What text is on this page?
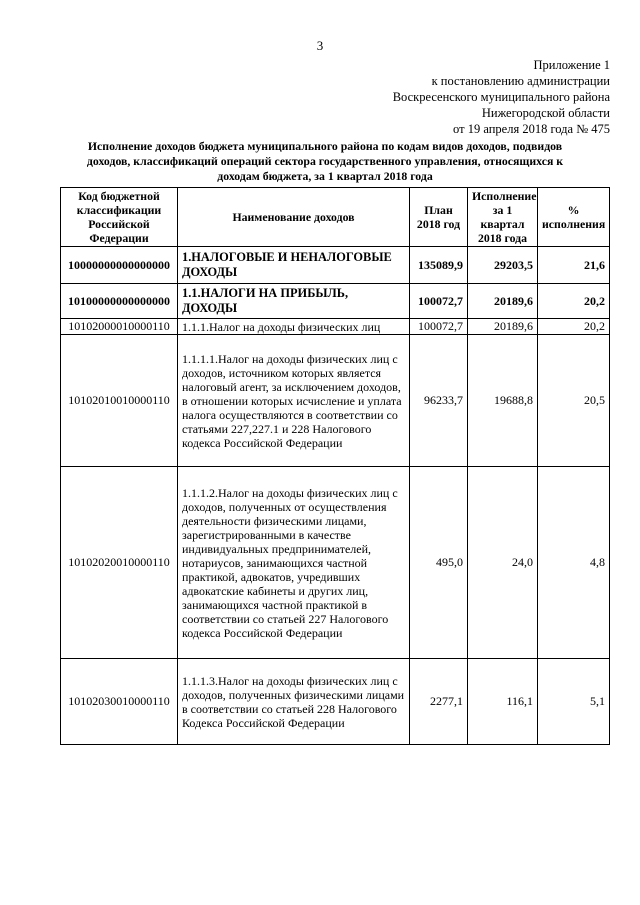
3
Приложение 1
к постановлению администрации
Воскресенского муниципального района
Нижегородской области
от 19 апреля 2018 года № 475
Исполнение доходов бюджета муниципального района по кодам видов доходов, подвидов
доходов, классификаций операций сектора государственного управления, относящихся к
доходам бюджета, за 1 квартал 2018 года
Код бюджетной классификации Российской Федерации	Наименование доходов	План 2018 год	Исполнение за 1 квартал 2018 года	% исполнения
10000000000000000	1.НАЛОГОВЫЕ И НЕНАЛОГОВЫЕ ДОХОДЫ	135089,9	29203,5	21,6
10100000000000000	1.1.НАЛОГИ НА ПРИБЫЛЬ, ДОХОДЫ	100072,7	20189,6	20,2
10102000010000110	1.1.1.Налог на доходы физических лиц	100072,7	20189,6	20,2
10102010010000110	1.1.1.1.Налог на доходы физических лиц с доходов, источником которых является налоговый агент, за исключением доходов, в отношении которых исчисление и уплата налога осуществляются в соответствии со статьями 227,227.1 и 228 Налогового кодекса Российской Федерации	96233,7	19688,8	20,5
10102020010000110	1.1.1.2.Налог на доходы физических лиц с доходов, полученных от осуществления деятельности физическими лицами, зарегистрированными в качестве индивидуальных предпринимателей, нотариусов, занимающихся частной практикой, адвокатов, учредивших адвокатские кабинеты и других лиц, занимающихся частной практикой в соответствии со статьей 227 Налогового кодекса Российской Федерации	495,0	24,0	4,8
10102030010000110	1.1.1.3.Налог на доходы физических лиц с доходов, полученных физическими лицами в соответствии со статьей 228 Налогового Кодекса Российской Федерации	2277,1	116,1	5,1
